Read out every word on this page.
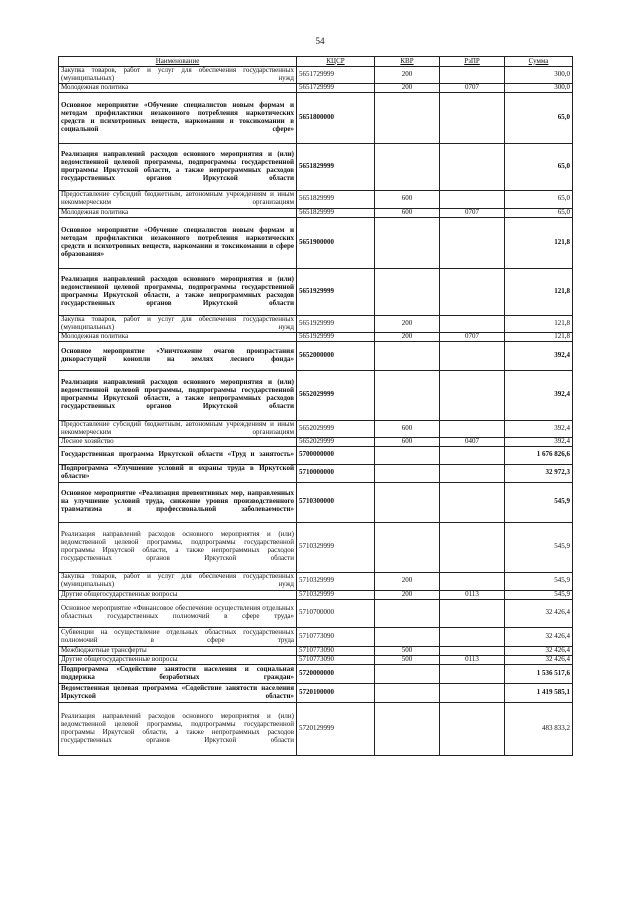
54
Наименование	КЦСР	КВР	РзПР	Сумма
Закупка товаров, работ и услуг для обеспечения государственных (муниципальных) нужд	5651729999	200		300,0
Молодежная политика	5651729999	200	0707	300,0
Основное мероприятие «Обучение специалистов новым формам и методам профилактики незаконного потребления наркотических средств и психотропных веществ, наркомании и токсикомании в социальной сфере»	5651800000			65,0
Реализация направлений расходов основного мероприятия и (или) ведомственной целевой программы, подпрограммы государственной программы Иркутской области, а также непрограммных расходов государственных органов Иркутской области	5651829999			65,0
Предоставление субсидий бюджетным, автономным учреждениям и иным некоммерческим организациям	5651829999	600		65,0
Молодежная политика	5651829999	600	0707	65,0
Основное мероприятие «Обучение специалистов новым формам и методам профилактики незаконного потребления наркотических средств и психотропных веществ, наркомании и токсикомании в сфере образования»	5651900000			121,8
Реализация направлений расходов основного мероприятия и (или) ведомственной целевой программы, подпрограммы государственной программы Иркутской области, а также непрограммных расходов государственных органов Иркутской области	5651929999			121,8
Закупка товаров, работ и услуг для обеспечения государственных (муниципальных) нужд	5651929999	200		121,8
Молодежная политика	5651929999	200	0707	121,8
Основное мероприятие «Уничтожение очагов произрастания дикорастущей конопли на землях лесного фонда»	5652000000			392,4
Реализация направлений расходов основного мероприятия и (или) ведомственной целевой программы, подпрограммы государственной программы Иркутской области, а также непрограммных расходов государственных органов Иркутской области	5652029999			392,4
Предоставление субсидий бюджетным, автономным учреждениям и иным некоммерческим организациям	5652029999	600		392,4
Лесное хозяйство	5652029999	600	0407	392,4
Государственная программа Иркутской области «Труд и занятость»	5700000000			1 676 826,6
Подпрограмма «Улучшение условий и охраны труда в Иркутской области»	5710000000			32 972,3
Основное мероприятие «Реализация превентивных мер, направленных на улучшение условий труда, снижение уровня производственного травматизма и профессиональной заболеваемости»	5710300000			545,9
Реализация направлений расходов основного мероприятия и (или) ведомственной целевой программы, подпрограммы государственной программы Иркутской области, а также непрограммных расходов государственных органов Иркутской области	5710329999			545,9
Закупка товаров, работ и услуг для обеспечения государственных (муниципальных) нужд	5710329999	200		545,9
Другие общегосударственные вопросы	5710329999	200	0113	545,9
Основное мероприятие «Финансовое обеспечение осуществления отдельных областных государственных полномочий в сфере труда»	5710700000			32 426,4
Субвенции на осуществление отдельных областных государственных полномочий в сфере труда	5710773090			32 426,4
Межбюджетные трансферты	5710773090	500		32 426,4
Другие общегосударственные вопросы	5710773090	500	0113	32 426,4
Подпрограмма «Содействие занятости населения и социальная поддержка безработных граждан»	5720000000			1 536 517,6
Ведомственная целевая программа «Содействие занятости населения Иркутской области»	5720100000			1 419 585,1
Реализация направлений расходов основного мероприятия и (или) ведомственной целевой программы, подпрограммы государственной программы Иркутской области, а также непрограммных расходов государственных органов Иркутской области	5720129999			483 833,2
